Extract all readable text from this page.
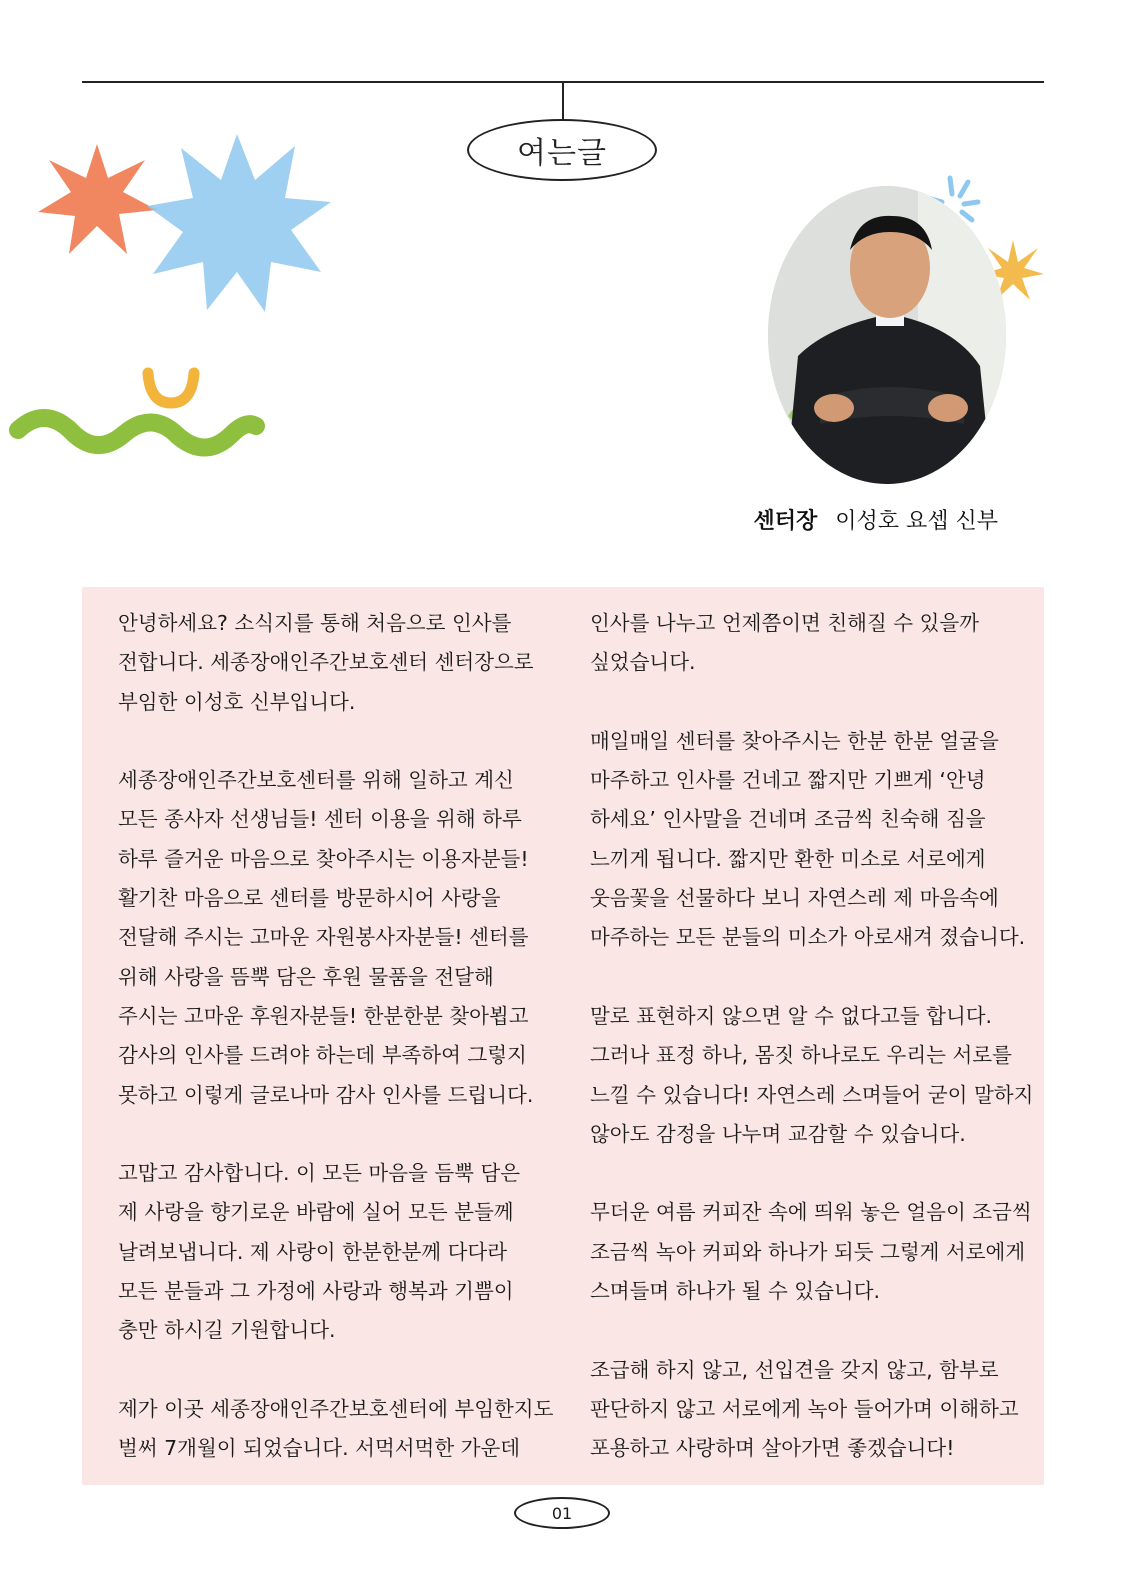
여는글
센터장 이성호 요셉 신부
안녕하세요? 소식지를 통해 처음으로 인사를
전합니다. 세종장애인주간보호센터 센터장으로
부임한 이성호 신부입니다.
세종장애인주간보호센터를 위해 일하고 계신
모든 종사자 선생님들! 센터 이용을 위해 하루
하루 즐거운 마음으로 찾아주시는 이용자분들!
활기찬 마음으로 센터를 방문하시어 사랑을
전달해 주시는 고마운 자원봉사자분들! 센터를
위해 사랑을 뜸뿍 담은 후원 물품을 전달해
주시는 고마운 후원자분들! 한분한분 찾아뵙고
감사의 인사를 드려야 하는데 부족하여 그렇지
못하고 이렇게 글로나마 감사 인사를 드립니다.
고맙고 감사합니다. 이 모든 마음을 듬뿍 담은
제 사랑을 향기로운 바람에 실어 모든 분들께
날려보냅니다. 제 사랑이 한분한분께 다다라
모든 분들과 그 가정에 사랑과 행복과 기쁨이
충만 하시길 기원합니다.
제가 이곳 세종장애인주간보호센터에 부임한지도
벌써 7개월이 되었습니다. 서먹서먹한 가운데
인사를 나누고 언제쯤이면 친해질 수 있을까
싶었습니다.
매일매일 센터를 찾아주시는 한분 한분 얼굴을
마주하고 인사를 건네고 짧지만 기쁘게 ‘안녕
하세요’ 인사말을 건네며 조금씩 친숙해 짐을
느끼게 됩니다. 짧지만 환한 미소로 서로에게
웃음꽃을 선물하다 보니 자연스레 제 마음속에
마주하는 모든 분들의 미소가 아로새겨 졌습니다.
말로 표현하지 않으면 알 수 없다고들 합니다.
그러나 표정 하나, 몸짓 하나로도 우리는 서로를
느낄 수 있습니다! 자연스레 스며들어 굳이 말하지
않아도 감정을 나누며 교감할 수 있습니다.
무더운 여름 커피잔 속에 띄워 놓은 얼음이 조금씩
조금씩 녹아 커피와 하나가 되듯 그렇게 서로에게
스며들며 하나가 될 수 있습니다.
조급해 하지 않고, 선입견을 갖지 않고, 함부로
판단하지 않고 서로에게 녹아 들어가며 이해하고
포용하고 사랑하며 살아가면 좋겠습니다!
01
